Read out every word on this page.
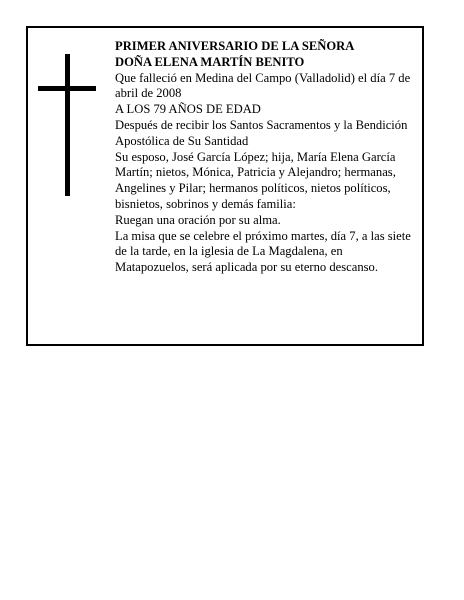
PRIMER ANIVERSARIO DE LA SEÑORA

DOÑA ELENA MARTÍN BENITO

Que falleció en Medina del Campo (Valladolid) el día 7 de abril de 2008

A LOS 79 AÑOS DE EDAD

Después de recibir los Santos Sacramentos y la Bendición Apostólica de Su Santidad

Su esposo, José García López; hija, María Elena García Martín; nietos, Mónica, Patricia y Alejandro; hermanas, Angelines y Pilar; hermanos políticos, nietos políticos, bisnietos, sobrinos y demás familia:

Ruegan una oración por su alma.

La misa que se celebre el próximo martes, día 7, a las siete de la tarde, en la iglesia de La Magdalena, en Matapozuelos, será aplicada por su eterno descanso.
